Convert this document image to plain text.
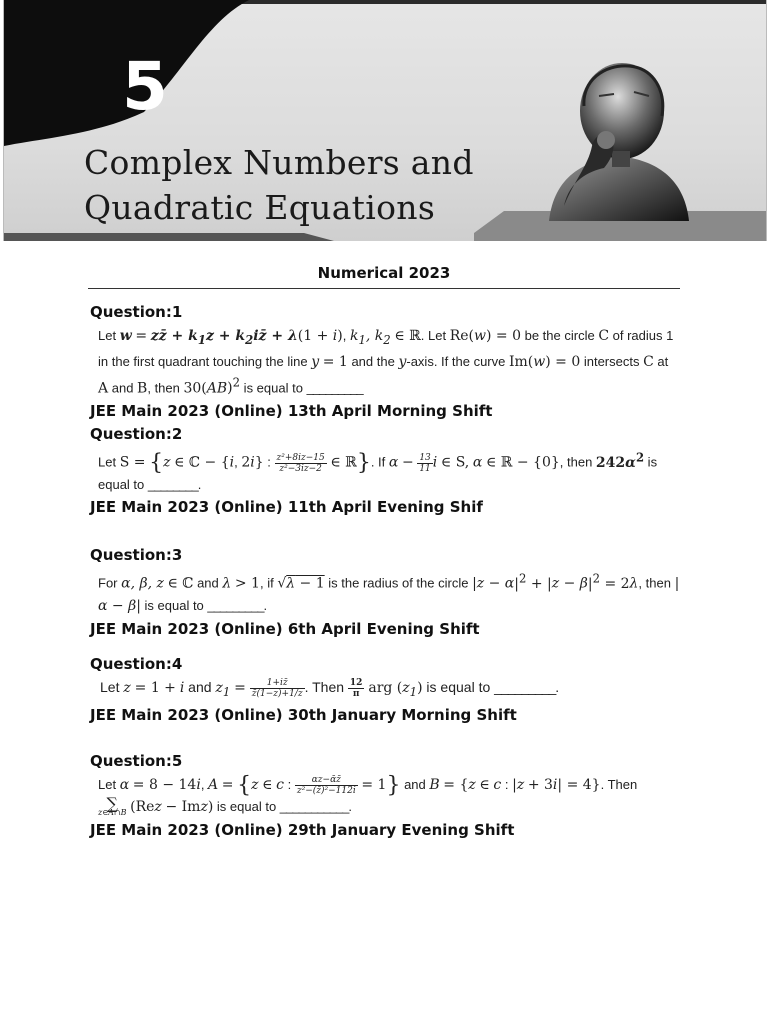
5
Complex Numbers and
Quadratic Equations
Numerical 2023
Question:1
Let w = zz̄ + $k_1z$ + $k_2iz̄ + \lambda(1 + i)$, $k_1$, $k_2$ ∈ ℝ. Let Re(w) = 0 be the circle C of radius 1 in the first quadrant touching the line y = 1 and the y-axis. If the curve Im(w) = 0 intersects C at A and B, then 30(AB)$^2$ is equal to _________
JEE Main 2023 (Online) 13th April Morning Shift
Question:2
Let S = {z ∈ ℂ − {i, 2i} : $\frac{\text{z²+8iz−15}}{\text{z²−3iz−2}}$ ∈ ℝ}. If $\alpha - \frac{13}{11}$ i ∈ S, α ∈ ℝ − {0}, then $242\alpha^2$ is equal to ________.
JEE Main 2023 (Online) 11th April Evening Shif
Question:3
For α, β, z ∈ ℂ and λ > 1, if √λ − 1 is the radius of the circle $|z - \alpha|^2 + |z - \beta|^2 = 2\lambda$, then |α − β| is equal to _________.
JEE Main 2023 (Online) 6th April Evening Shift
Question:4
Let z = 1 + i and $z_1 = \frac{1+iz̄}{z̄(1-z)+1/z}$ . Then $\frac{12}{\pi}$ arg $(z_1)$ is equal to _________.
JEE Main 2023 (Online) 30th January Morning Shift
Question:5
Let α = 8 − 14i, A = {z ∈ c : $\frac{\text{αz−ᾱz̄}}{\text{z²−(z̄)²−112i}} = 1$} and B = {z ∈ c : |z + 3i| = 4}. Then

∑
z∈A∩B (Rez − Imz) is equal to ___________.
JEE Main 2023 (Online) 29th January Evening Shift
